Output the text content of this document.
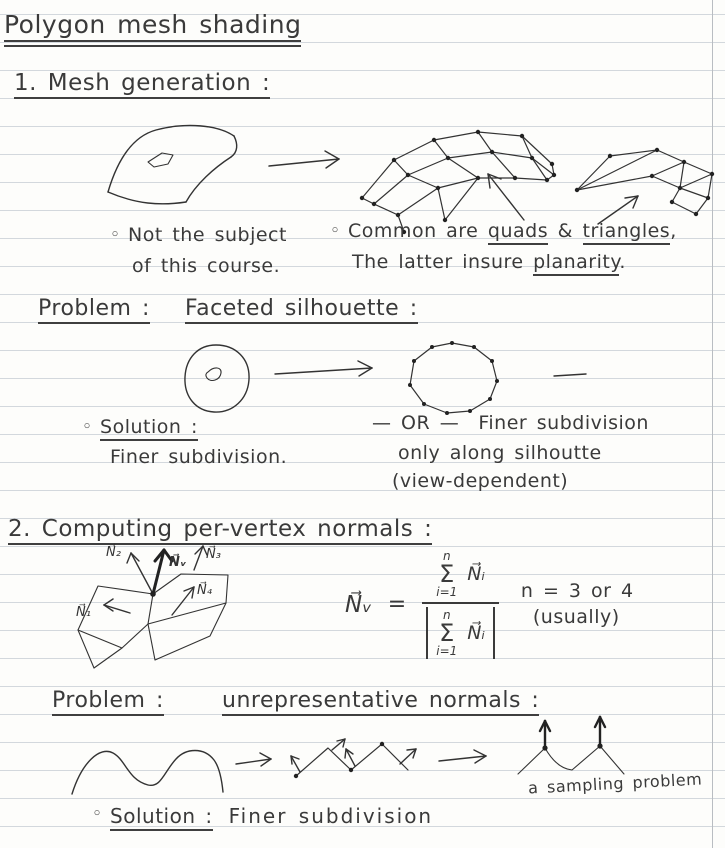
Polygon mesh shading
1. Mesh generation :
◦ Not the subject
of this course.
◦ Common are quads & triangles,
The latter insure planarity.
Problem : Faceted silhouette :
◦ Solution :
Finer subdivision.
— OR — Finer subdivision
only along silhoutte
(view-dependent)
2. Computing per-vertex normals :
N⃗₁
N⃗₂	N⃗₃
N⃗₄
N⃗ᵥ
N⃗ᵥ = n
Σ
i=1
N⃗ᵢ
n
Σ
i=1
N⃗ᵢ n = 3 or 4
(usually)
Problem :	unrepresentative normals :
a sampling problem
◦ Solution : Finer subdivision
